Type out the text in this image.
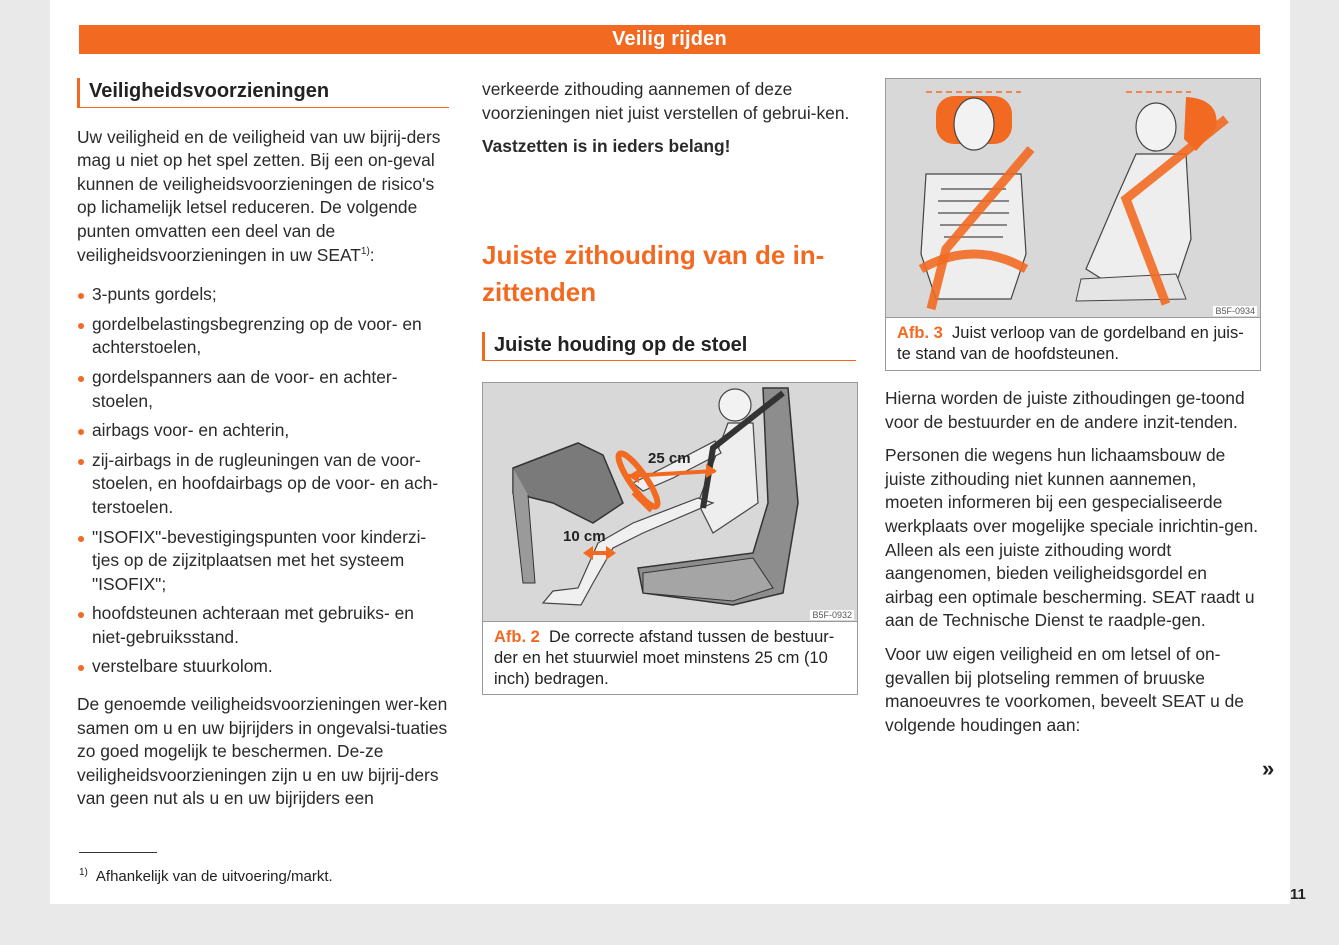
Veilig rijden
Veiligheidsvoorzieningen

Uw veiligheid en de veiligheid van uw bijrij-ders mag u niet op het spel zetten. Bij een on-geval kunnen de veiligheidsvoorzieningen de risico's op lichamelijk letsel reduceren. De volgende punten omvatten een deel van de veiligheidsvoorzieningen in uw SEAT$^{1)}$:

3-punts gordels;
gordelbelastingsbegrenzing op de voor- en achterstoelen,
gordelspanners aan de voor- en achter-stoelen,
airbags voor- en achterin,
zij-airbags in de rugleuningen van de voor-stoelen, en hoofdairbags op de voor- en ach-terstoelen.
"ISOFIX"-bevestigingspunten voor kinderzi-tjes op de zijzitplaatsen met het systeem "ISOFIX";
hoofdsteunen achteraan met gebruiks- en niet-gebruiksstand.
verstelbare stuurkolom.

De genoemde veiligheidsvoorzieningen wer-ken samen om u en uw bijrijders in ongevalsi-tuaties zo goed mogelijk te beschermen. De-ze veiligheidsvoorzieningen zijn u en uw bijrij-ders van geen nut als u en uw bijrijders een

verkeerde zithouding aannemen of deze voorzieningen niet juist verstellen of gebrui-ken.

Vastzetten is in ieders belang!

Juiste zithouding van de in-zittenden
Juiste houding op de stoel
25 cm
10 cm
B5F-0932
Afb. 2 De correcte afstand tussen de bestuur-der en het stuurwiel moet minstens 25 cm (10 inch) bedragen.
B5F-0934
Afb. 3 Juist verloop van de gordelband en juis-te stand van de hoofdsteunen.

Hierna worden de juiste zithoudingen ge-toond voor de bestuurder en de andere inzit-tenden.

Personen die wegens hun lichaamsbouw de juiste zithouding niet kunnen aannemen, moeten informeren bij een gespecialiseerde werkplaats over mogelijke speciale inrichtin-gen. Alleen als een juiste zithouding wordt aangenomen, bieden veiligheidsgordel en airbag een optimale bescherming. SEAT raadt u aan de Technische Dienst te raadple-gen.

Voor uw eigen veiligheid en om letsel of on-gevallen bij plotseling remmen of bruuske manoeuvres te voorkomen, beveelt SEAT u de volgende houdingen aan:

»
$^{1)}$ Afhankelijk van de uitvoering/markt.
11
